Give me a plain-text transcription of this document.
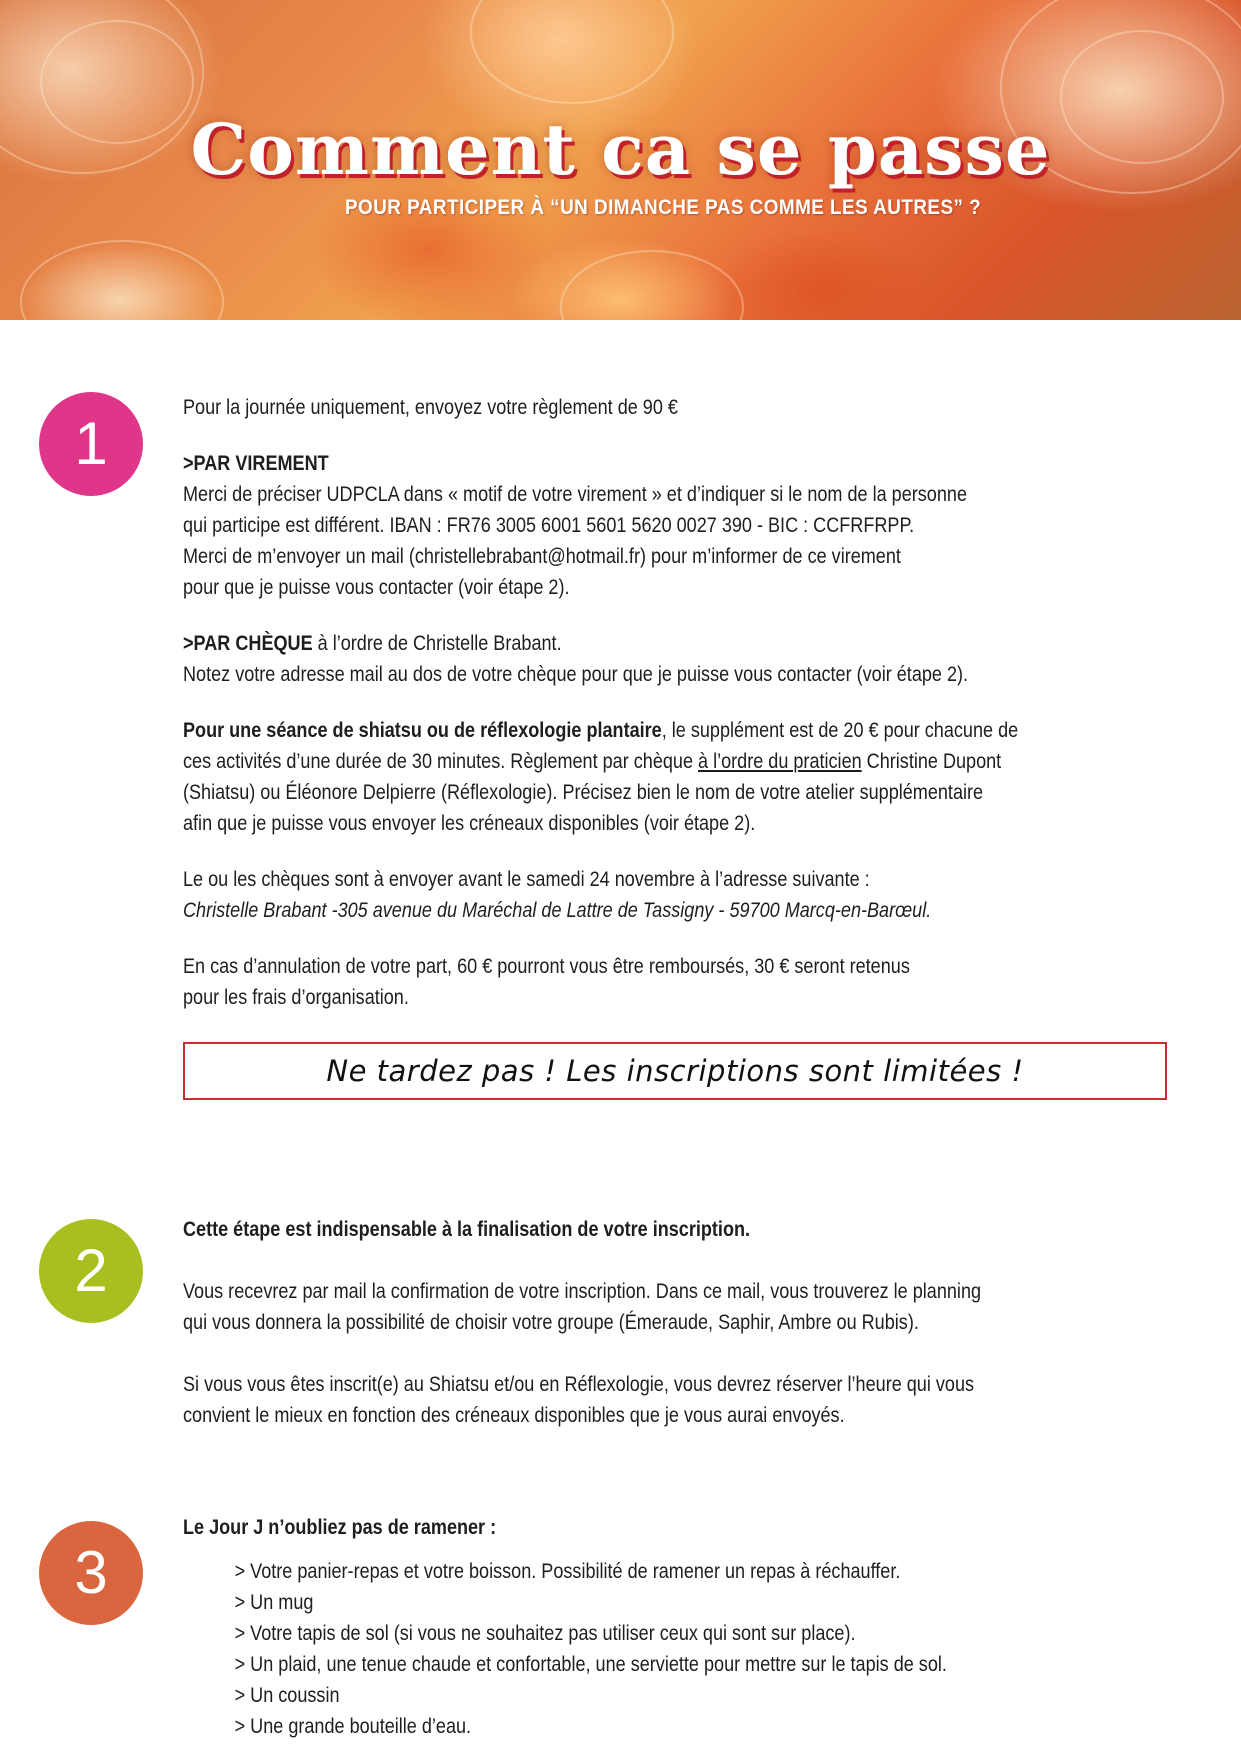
Comment ca se passe
POUR PARTICIPER À “UN DIMANCHE PAS COMME LES AUTRES” ?
1
2
3

Pour la journée uniquement, envoyez votre règlement de 90 €

>PAR VIREMENT

Merci de préciser UDPCLA dans « motif de votre virement » et d’indiquer si le nom de la personne

qui participe est différent. IBAN : FR76 3005 6001 5601 5620 0027 390 - BIC : CCFRFRPP.

Merci de m’envoyer un mail (christellebrabant@hotmail.fr) pour m’informer de ce virement

pour que je puisse vous contacter (voir étape 2).

>PAR CHÈQUE à l’ordre de Christelle Brabant.

Notez votre adresse mail au dos de votre chèque pour que je puisse vous contacter (voir étape 2).

Pour une séance de shiatsu ou de réflexologie plantaire, le supplément est de 20 € pour chacune de

ces activités d’une durée de 30 minutes. Règlement par chèque à l’ordre du praticien Christine Dupont

(Shiatsu) ou Éléonore Delpierre (Réflexologie). Précisez bien le nom de votre atelier supplémentaire

afin que je puisse vous envoyer les créneaux disponibles (voir étape 2).

Le ou les chèques sont à envoyer avant le samedi 24 novembre à l’adresse suivante :

Christelle Brabant -305 avenue du Maréchal de Lattre de Tassigny - 59700 Marcq-en-Barœul.

En cas d’annulation de votre part, 60 € pourront vous être remboursés, 30 € seront retenus

pour les frais d’organisation.

Ne tardez pas ! Les inscriptions sont limitées !

Cette étape est indispensable à la finalisation de votre inscription.

Vous recevrez par mail la confirmation de votre inscription. Dans ce mail, vous trouverez le planning

qui vous donnera la possibilité de choisir votre groupe (Émeraude, Saphir, Ambre ou Rubis).

Si vous vous êtes inscrit(e) au Shiatsu et/ou en Réflexologie, vous devrez réserver l’heure qui vous

convient le mieux en fonction des créneaux disponibles que je vous aurai envoyés.

Le Jour J n’oubliez pas de ramener :

> Votre panier-repas et votre boisson. Possibilité de ramener un repas à réchauffer.

> Un mug

> Votre tapis de sol (si vous ne souhaitez pas utiliser ceux qui sont sur place).

> Un plaid, une tenue chaude et confortable, une serviette pour mettre sur le tapis de sol.

> Un coussin

> Une grande bouteille d’eau.
